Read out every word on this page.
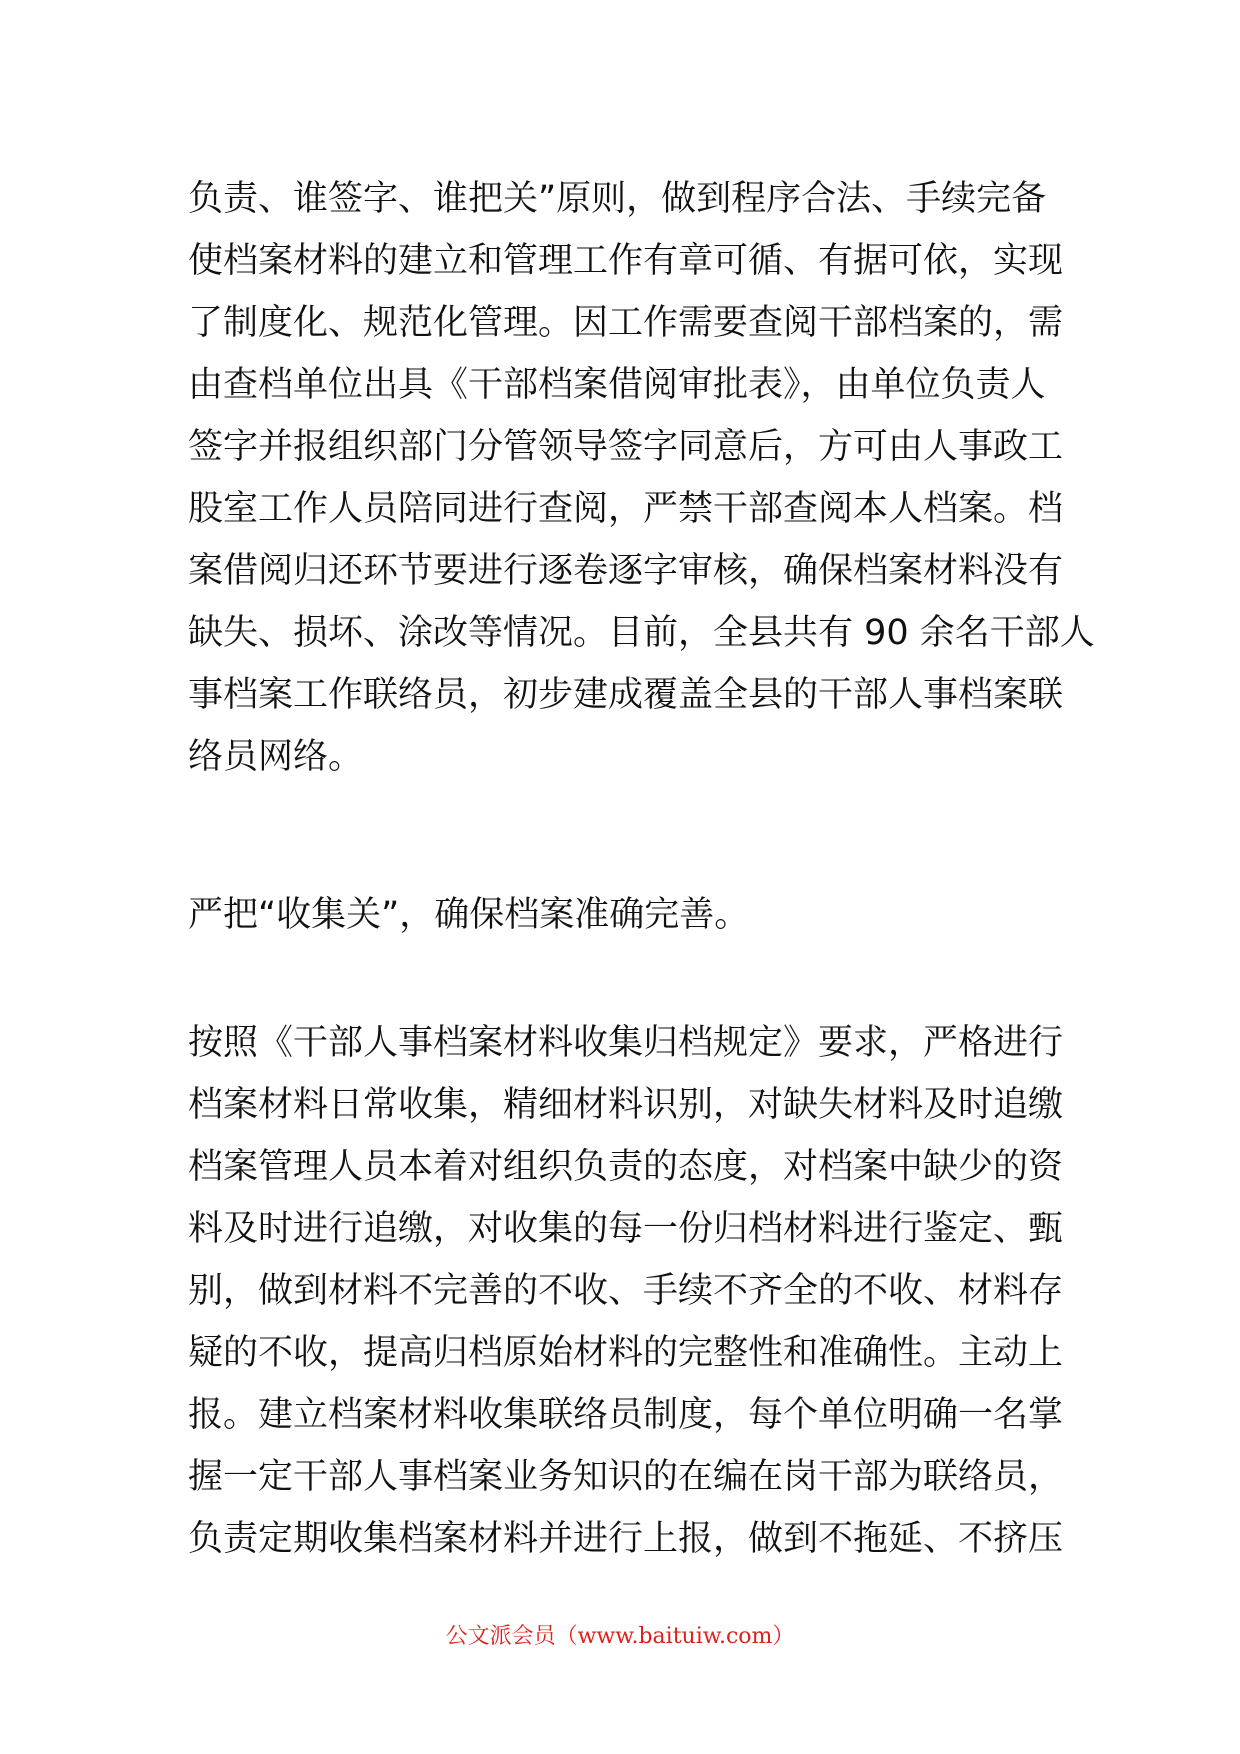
负责、谁签字、谁把关”原则，做到程序合法、手续完备
使档案材料的建立和管理工作有章可循、有据可依，实现
了制度化、规范化管理。因工作需要查阅干部档案的，需
由查档单位出具《干部档案借阅审批表》，由单位负责人
签字并报组织部门分管领导签字同意后，方可由人事政工
股室工作人员陪同进行查阅，严禁干部查阅本人档案。档
案借阅归还环节要进行逐卷逐字审核，确保档案材料没有
缺失、损坏、涂改等情况。目前，全县共有 90 余名干部人
事档案工作联络员，初步建成覆盖全县的干部人事档案联
络员网络。
严把“收集关”，确保档案准确完善。
按照《干部人事档案材料收集归档规定》要求，严格进行
档案材料日常收集，精细材料识别，对缺失材料及时追缴
档案管理人员本着对组织负责的态度，对档案中缺少的资
料及时进行追缴，对收集的每一份归档材料进行鉴定、甄
别，做到材料不完善的不收、手续不齐全的不收、材料存
疑的不收，提高归档原始材料的完整性和准确性。主动上
报。建立档案材料收集联络员制度，每个单位明确一名掌
握一定干部人事档案业务知识的在编在岗干部为联络员，
负责定期收集档案材料并进行上报，做到不拖延、不挤压
公文派会员（www.baituiw.com）
